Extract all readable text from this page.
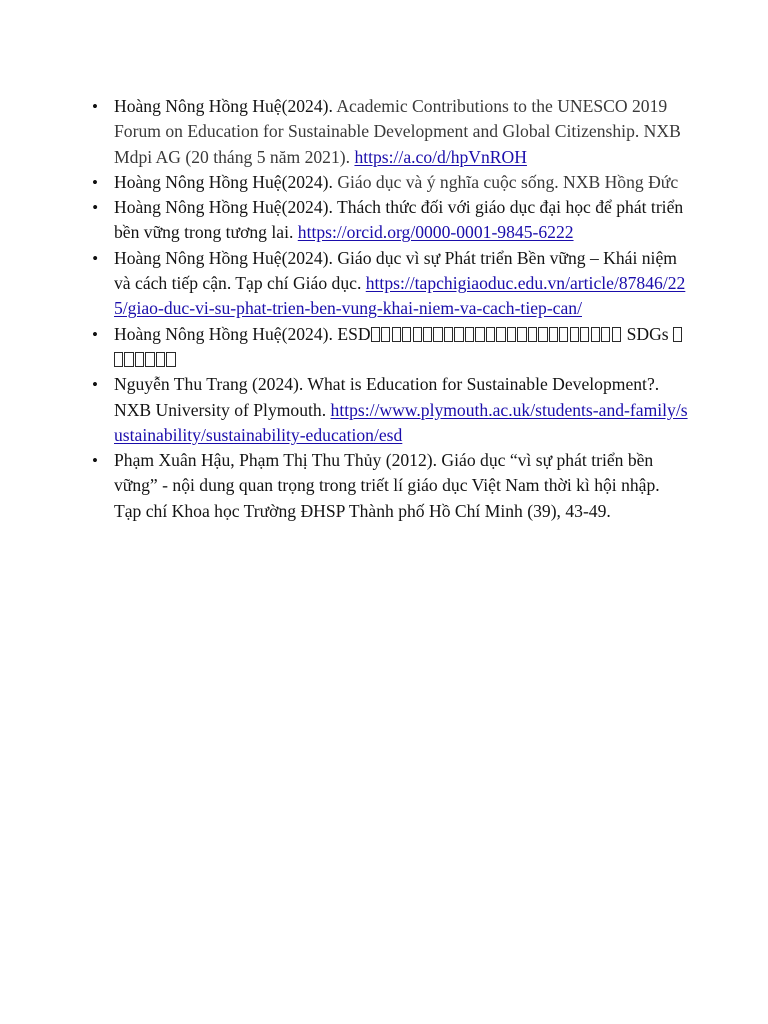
• Hoàng Nông Hồng Huệ(2024). Academic Contributions to the UNESCO 2019 Forum on Education for Sustainable Development and Global Citizenship. NXB Mdpi AG (20 tháng 5 năm 2021). https://a.co/d/hpVnROH
• Hoàng Nông Hồng Huệ(2024). Giáo dục và ý nghĩa cuộc sống. NXB Hồng Đức
• Hoàng Nông Hồng Huệ(2024). Thách thức đối với giáo dục đại học để phát triển bền vững trong tương lai. https://orcid.org/0000-0001-9845-6222
• Hoàng Nông Hồng Huệ(2024). Giáo dục vì sự Phát triển Bền vững – Khái niệm và cách tiếp cận. Tạp chí Giáo dục. https://tapchigiaoduc.edu.vn/article/87846/225/giao-duc-vi-su-phat-trien-ben-vung-khai-niem-va-cach-tiep-can/
• Hoàng Nông Hồng Huệ(2024). ESD	SDGs
• Nguyễn Thu Trang (2024). What is Education for Sustainable Development?. NXB University of Plymouth. https://www.plymouth.ac.uk/students-and-family/sustainability/sustainability-education/esd
• Phạm Xuân Hậu, Phạm Thị Thu Thủy (2012). Giáo dục “vì sự phát triển bền vững” - nội dung quan trọng trong triết lí giáo dục Việt Nam thời kì hội nhập. Tạp chí Khoa học Trường ĐHSP Thành phố Hồ Chí Minh (39), 43-49.
